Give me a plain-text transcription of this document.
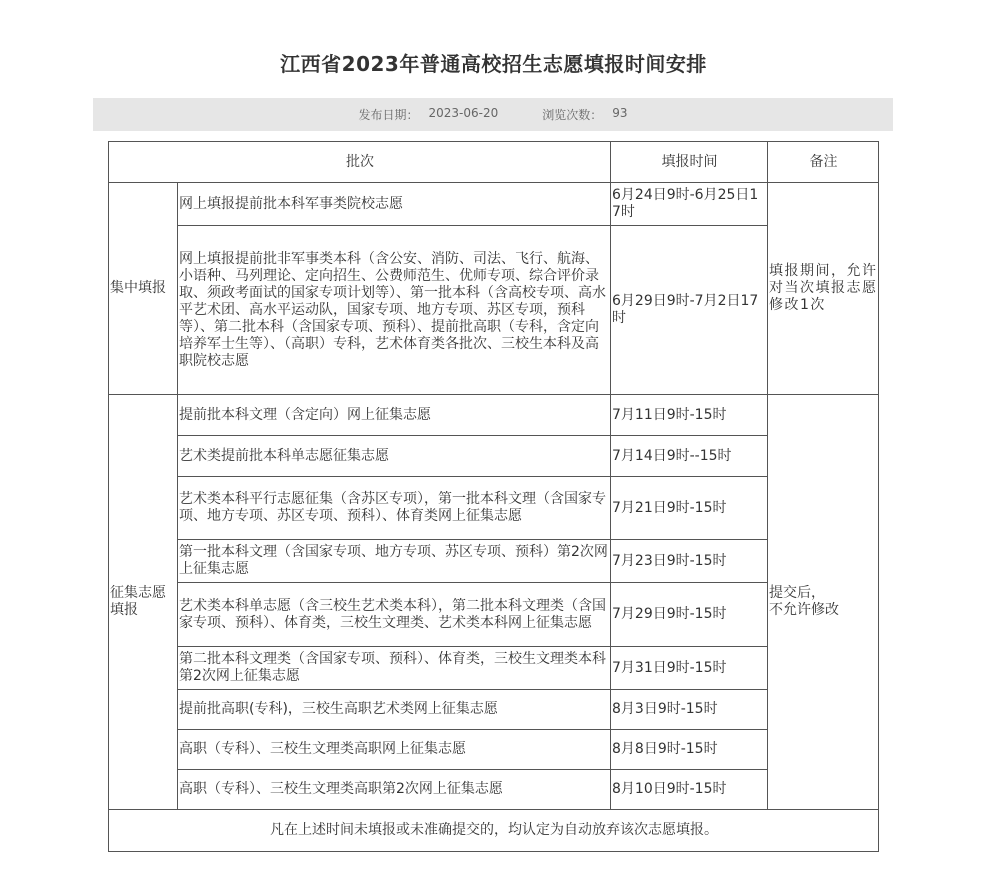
江西省2023年普通高校招生志愿填报时间安排
发布日期： 2023-06-20	浏览次数： 93
批次		填报时间	备注
集中填报	网上填报提前批本科军事类院校志愿	6月24日9时-6月25日17时	填报期间，允许对当次填报志愿修改1次
	网上填报提前批非军事类本科（含公安、消防、司法、飞行、航海、小语种、马列理论、定向招生、公费师范生、优师专项、综合评价录取、须政考面试的国家专项计划等）、第一批本科（含高校专项、高水平艺术团、高水平运动队，国家专项、地方专项、苏区专项，预科等）、第二批本科（含国家专项、预科）、提前批高职（专科，含定向培养军士生等）、（高职）专科，艺术体育类各批次、三校生本科及高职院校志愿	6月29日9时-7月2日17时	
征集志愿填报	提前批本科文理（含定向）网上征集志愿	7月11日9时-15时	提交后，
不允许修改
	艺术类提前批本科单志愿征集志愿	7月14日9时--15时	
	艺术类本科平行志愿征集（含苏区专项），第一批本科文理（含国家专项、地方专项、苏区专项、预科）、体育类网上征集志愿	7月21日9时-15时	
	第一批本科文理（含国家专项、地方专项、苏区专项、预科）第2次网上征集志愿	7月23日9时-15时	
	艺术类本科单志愿（含三校生艺术类本科），第二批本科文理类（含国家专项、预科）、体育类，三校生文理类、艺术类本科网上征集志愿	7月29日9时-15时	
	第二批本科文理类（含国家专项、预科）、体育类，三校生文理类本科第2次网上征集志愿	7月31日9时-15时	
	提前批高职(专科)，三校生高职艺术类网上征集志愿	8月3日9时-15时	
	高职（专科）、三校生文理类高职网上征集志愿	8月8日9时-15时	
	高职（专科）、三校生文理类高职第2次网上征集志愿	8月10日9时-15时	
凡在上述时间未填报或未准确提交的，均认定为自动放弃该次志愿填报。			
